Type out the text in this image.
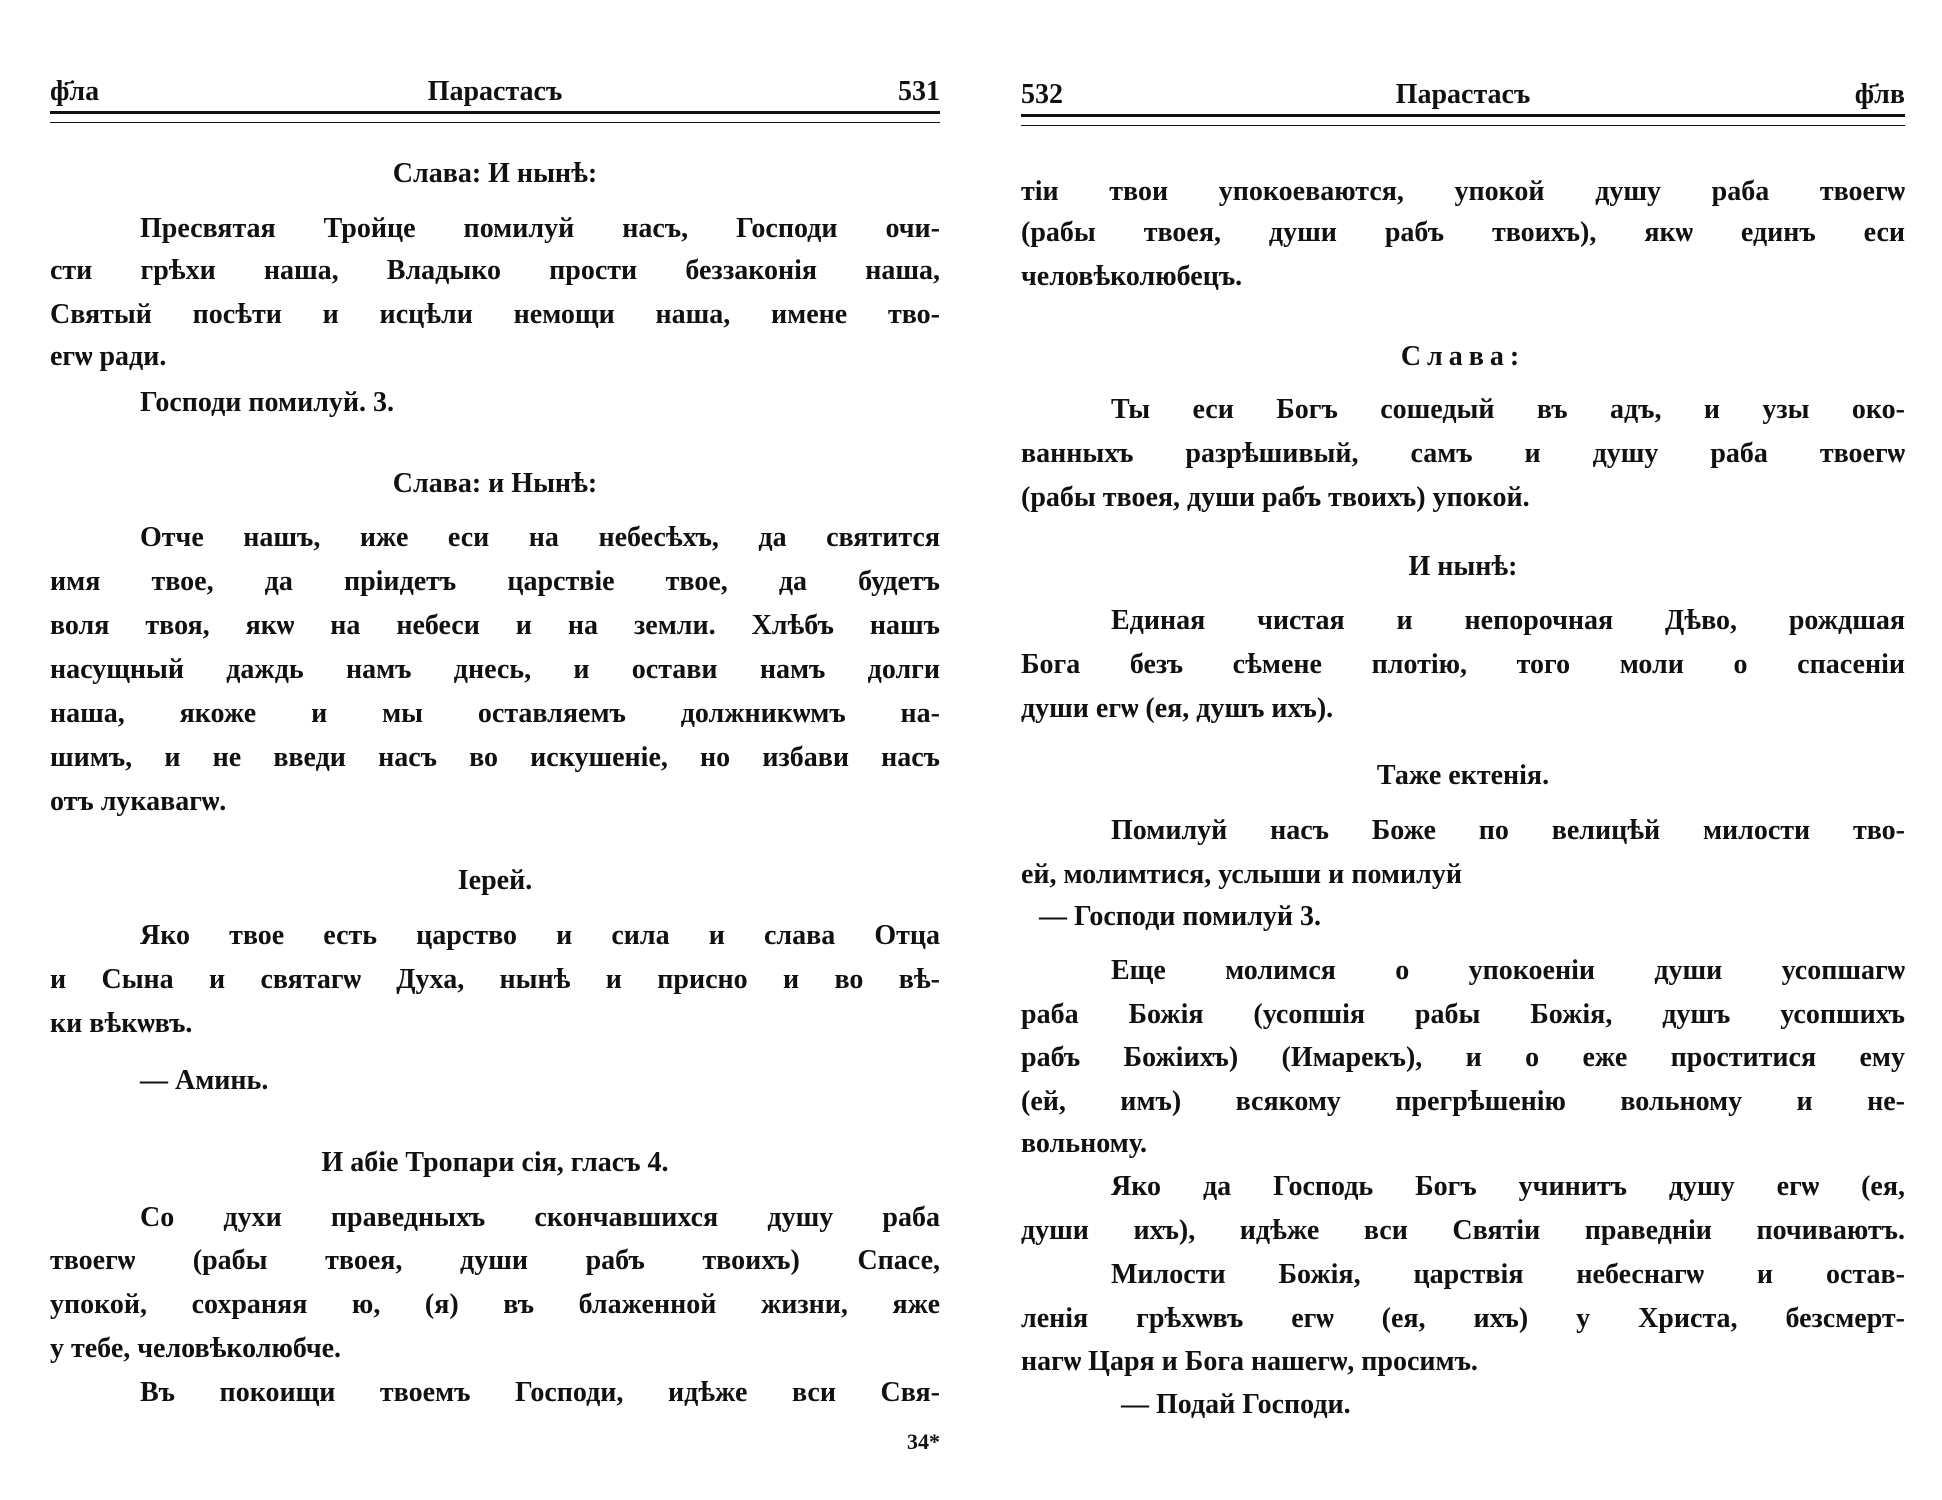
ф҃ла	Парастасъ	531
Слава: И нынѣ:
Пресвятая Тройце помилуй насъ, Господи очи-
сти грѣхи наша, Владыко прости беззаконія наша,
Святый посѣти и исцѣли немощи наша, имене тво-
егѡ ради.
Господи помилуй. 3.
Слава: и Нынѣ:
Отче нашъ, иже еси на небесѣхъ, да святится
имя твое, да пріидетъ царствіе твое, да будетъ
воля твоя, якѡ на небеси и на земли. Хлѣбъ нашъ
насущный даждь намъ днесь, и остави намъ долги
наша, якоже и мы оставляемъ должникѡмъ на-
шимъ, и не введи насъ во искушеніе, но избави насъ
отъ лукавагѡ.
Іерей.
Яко твое есть царство и сила и слава Отца
и Сына и святагѡ Духа, нынѣ и присно и во вѣ-
ки вѣкѡвъ.
— Аминь.
И абіе Тропари сія, гласъ 4.
Со духи праведныхъ скончавшихся душу раба
твоегѡ (рабы твоея, души рабъ твоихъ) Спасе,
упокой, сохраняя ю, (я) въ блаженной жизни, яже
у тебе, человѣколюбче.
Въ покоищи твоемъ Господи, идѣже вси Свя-
34*
532	Парастасъ	ф҃лв
тіи твои упокоеваются, упокой душу раба твоегѡ
(рабы твоея, души рабъ твоихъ), якѡ единъ еси
человѣколюбецъ.
Слава:
Ты еси Богъ сошедый въ адъ, и узы око-
ванныхъ разрѣшивый, самъ и душу раба твоегѡ
(рабы твоея, души рабъ твоихъ) упокой.
И нынѣ:
Единая чистая и непорочная Дѣво, рождшая
Бога безъ сѣмене плотію, того моли о спасеніи
души егѡ (ея, душъ ихъ).
Таже ектенія.
Помилуй насъ Боже по велицѣй милости тво-
ей, молимтися, услыши и помилуй
— Господи помилуй 3.
Еще молимся о упокоеніи души усопшагѡ
раба Божія (усопшія рабы Божія, душъ усопшихъ
рабъ Божіихъ) (Имарекъ), и о еже проститися ему
(ей, имъ) всякому прегрѣшенію вольному и не-
вольному.
Яко да Господь Богъ учинитъ душу егѡ (ея,
души ихъ), идѣже вси Святіи праведніи почиваютъ.
Милости Божія, царствія небеснагѡ и остав-
ленія грѣхѡвъ егѡ (ея, ихъ) у Христа, безсмерт-
нагѡ Царя и Бога нашегѡ, просимъ.
— Подай Господи.
